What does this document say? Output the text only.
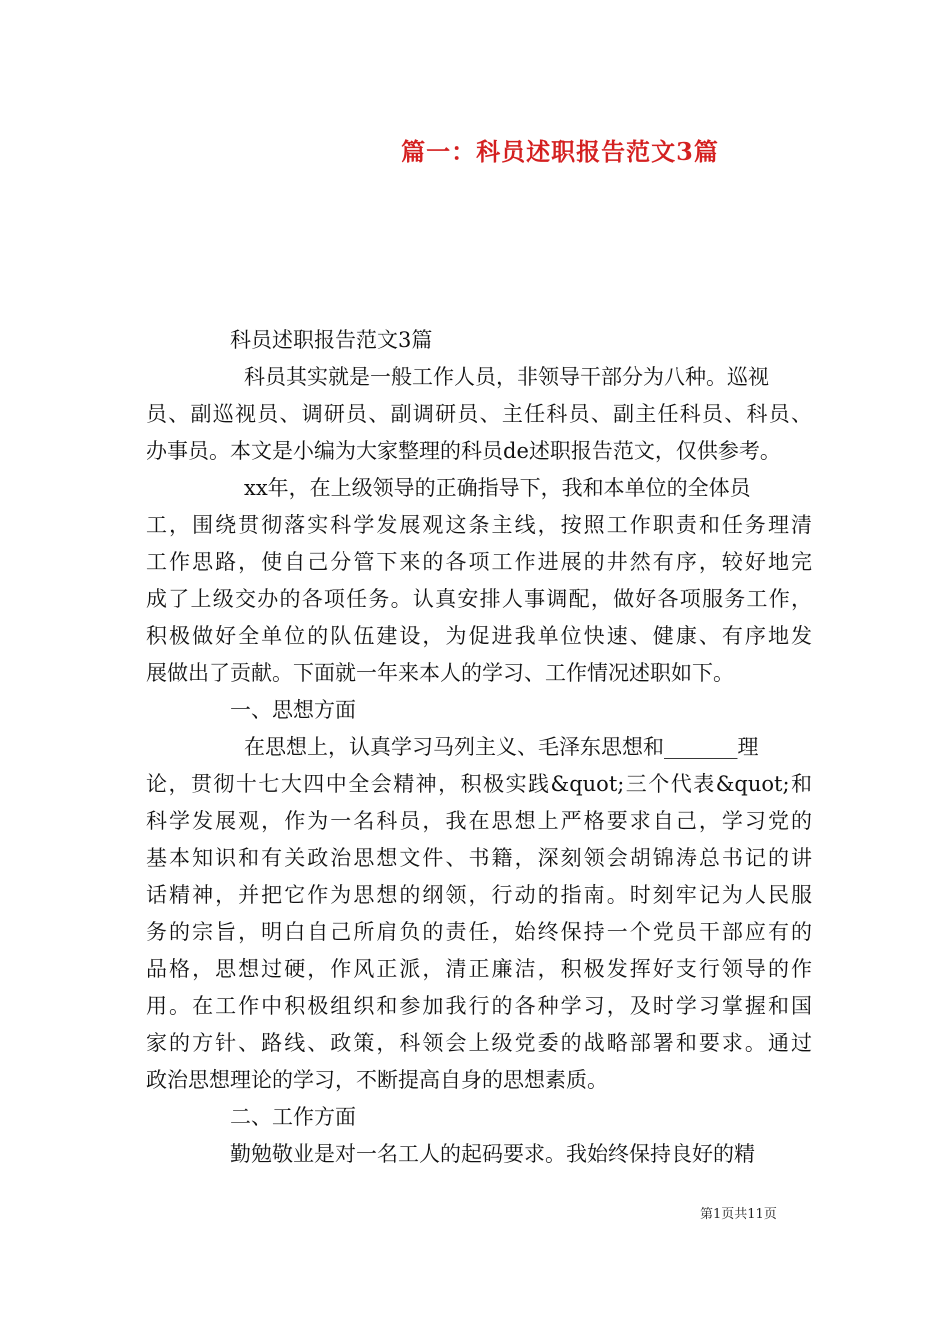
篇一：科员述职报告范文3篇
科员述职报告范文3篇
科员其实就是一般工作人员，非领导干部分为八种。巡视
员、副巡视员、调研员、副调研员、主任科员、副主任科员、科员、
办事员。本文是小编为大家整理的科员de述职报告范文，仅供参考。
xx年，在上级领导的正确指导下，我和本单位的全体员
工，围绕贯彻落实科学发展观这条主线，按照工作职责和任务理清
工作思路，使自己分管下来的各项工作进展的井然有序，较好地完
成了上级交办的各项任务。认真安排人事调配，做好各项服务工作，
积极做好全单位的队伍建设，为促进我单位快速、健康、有序地发
展做出了贡献。下面就一年来本人的学习、工作情况述职如下。
一、思想方面
在思想上，认真学习马列主义、毛泽东思想和_______理
论，贯彻十七大四中全会精神，积极实践&quot;三个代表&quot;和
科学发展观，作为一名科员，我在思想上严格要求自己，学习党的
基本知识和有关政治思想文件、书籍，深刻领会胡锦涛总书记的讲
话精神，并把它作为思想的纲领，行动的指南。时刻牢记为人民服
务的宗旨，明白自己所肩负的责任，始终保持一个党员干部应有的
品格，思想过硬，作风正派，清正廉洁，积极发挥好支行领导的作
用。在工作中积极组织和参加我行的各种学习，及时学习掌握和国
家的方针、路线、政策，科领会上级党委的战略部署和要求。通过
政治思想理论的学习，不断提高自身的思想素质。
二、工作方面
勤勉敬业是对一名工人的起码要求。我始终保持良好的精
第1页共11页
